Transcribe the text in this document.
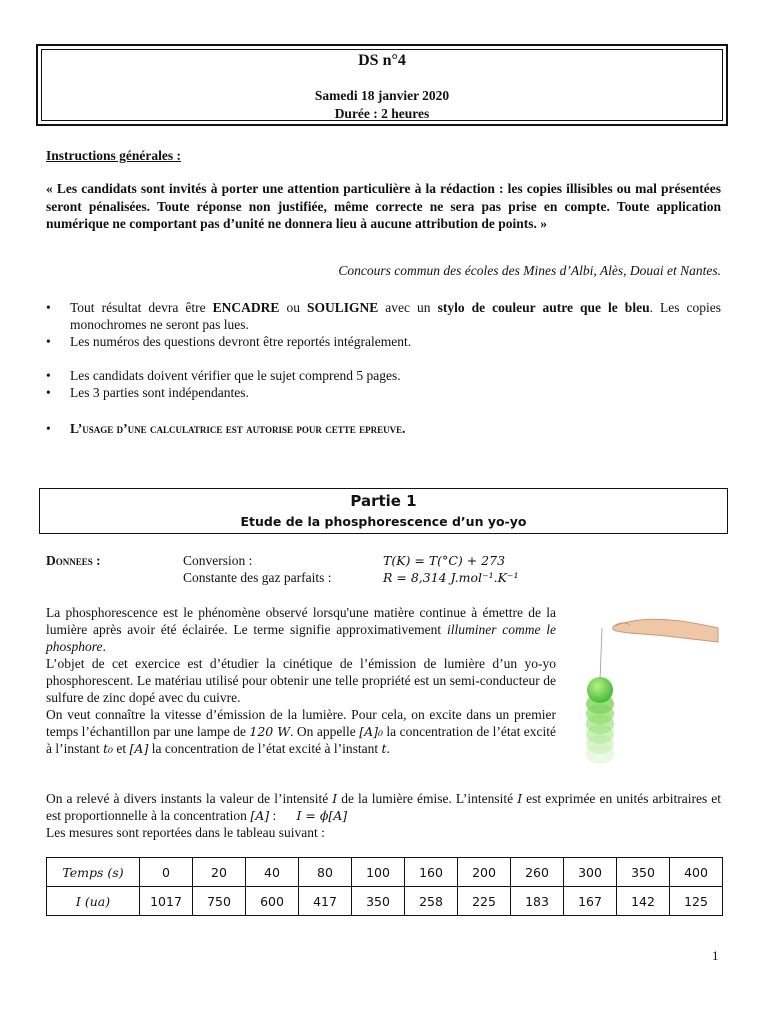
DS n°4
Samedi 18 janvier 2020
Durée : 2 heures
Instructions générales :
« Les candidats sont invités à porter une attention particulière à la rédaction : les copies illisibles ou mal présentées seront pénalisées. Toute réponse non justifiée, même correcte ne sera pas prise en compte. Toute application numérique ne comportant pas d’unité ne donnera lieu à aucune attribution de points. »
Concours commun des écoles des Mines d’Albi, Alès, Douai et Nantes.
• Tout résultat devra être ENCADRE ou SOULIGNE avec un stylo de couleur autre que le bleu. Les copies monochromes ne seront pas lues.
• Les numéros des questions devront être reportés intégralement.
• Les candidats doivent vérifier que le sujet comprend 5 pages.
• Les 3 parties sont indépendantes.
• L’usage d’une calculatrice est autorise pour cette epreuve.
Partie 1
Etude de la phosphorescence d’un yo-yo
Donnees :	Conversion :	T(K) = T(°C) + 273
Constante des gaz parfaits :	R = 8,314 J.mol⁻¹.K⁻¹

La phosphorescence est le phénomène observé lorsqu'une matière continue à émettre de la lumière après avoir été éclairée. Le terme signifie approximativement illuminer comme le phosphore.

L’objet de cet exercice est d’étudier la cinétique de l’émission de lumière d’un yo-yo phosphorescent. Le matériau utilisé pour obtenir une telle propriété est un semi-conducteur de sulfure de zinc dopé avec du cuivre.

On veut connaître la vitesse d’émission de la lumière. Pour cela, on excite dans un premier temps l’échantillon par une lampe de 120 W. On appelle [A]₀ la concentration de l’état excité à l’instant t₀ et [A] la concentration de l’état excité à l’instant t.

On a relevé à divers instants la valeur de l’intensité I de la lumière émise. L’intensité I est exprimée en unités arbitraires et est proportionnelle à la concentration [A] :      I = ϕ[A]

Les mesures sont reportées dans le tableau suivant :

Temps (s)	0	20	40	80	100	160	200	260	300	350	400
I (ua)	1017	750	600	417	350	258	225	183	167	142	125
1
